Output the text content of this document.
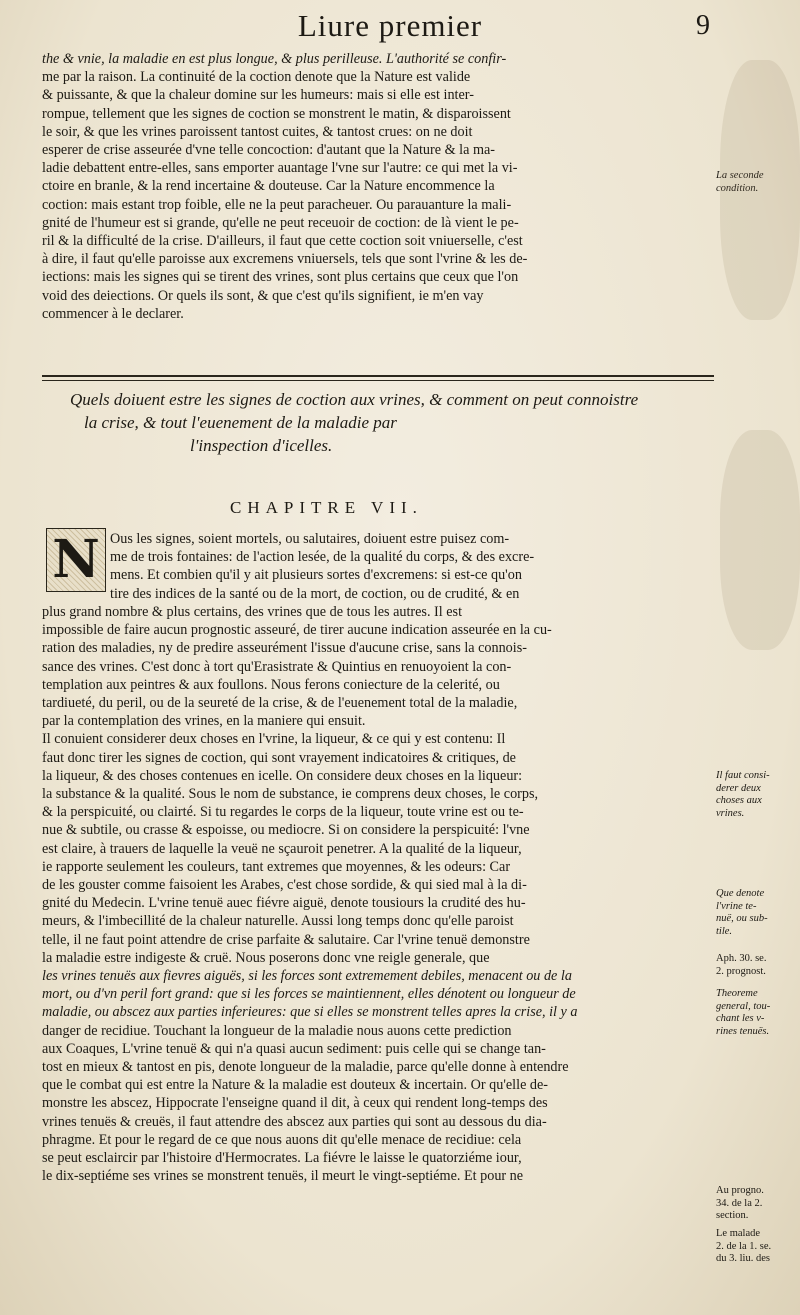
Liure premier	9

the & vnie, la maladie en est plus longue, & plus perilleuse. L'authorité se confir-

me par la raison. La continuité de la coction denote que la Nature est valide

& puissante, & que la chaleur domine sur les humeurs: mais si elle est inter-

rompue, tellement que les signes de coction se monstrent le matin, & disparoissent

le soir, & que les vrines paroissent tantost cuites, & tantost crues: on ne doit

esperer de crise asseurée d'vne telle concoction: d'autant que la Nature & la ma-

ladie debattent entre-elles, sans emporter auantage l'vne sur l'autre: ce qui met la vi-

ctoire en branle, & la rend incertaine & douteuse. Car la Nature encommence la

coction: mais estant trop foible, elle ne la peut paracheuer. Ou parauanture la mali-

gnité de l'humeur est si grande, qu'elle ne peut receuoir de coction: de là vient le pe-

ril & la difficulté de la crise. D'ailleurs, il faut que cette coction soit vniuerselle, c'est

à dire, il faut qu'elle paroisse aux excremens vniuersels, tels que sont l'vrine & les de-

iections: mais les signes qui se tirent des vrines, sont plus certains que ceux que l'on

void des deiections. Or quels ils sont, & que c'est qu'ils signifient, ie m'en vay

commencer à le declarer.

Quels doiuent estre les signes de coction aux vrines, & comment on peut connoistre
la crise, & tout l'euenement de la maladie par
l'inspection d'icelles.
CHAPITRE VII.
N Ous les signes, soient mortels, ou salutaires, doiuent estre puisez com-

me de trois fontaines: de l'action lesée, de la qualité du corps, & des excre-

mens. Et combien qu'il y ait plusieurs sortes d'excremens: si est-ce qu'on

tire des indices de la santé ou de la mort, de coction, ou de crudité, & en

plus grand nombre & plus certains, des vrines que de tous les autres. Il est

impossible de faire aucun prognostic asseuré, de tirer aucune indication asseurée en la cu-

ration des maladies, ny de predire asseurément l'issue d'aucune crise, sans la connois-

sance des vrines. C'est donc à tort qu'Erasistrate & Quintius en renuoyoient la con-

templation aux peintres & aux foullons. Nous ferons coniecture de la celerité, ou

tardiueté, du peril, ou de la seureté de la crise, & de l'euenement total de la maladie,

par la contemplation des vrines, en la maniere qui ensuit.

Il conuient considerer deux choses en l'vrine, la liqueur, & ce qui y est contenu: Il

faut donc tirer les signes de coction, qui sont vrayement indicatoires & critiques, de

la liqueur, & des choses contenues en icelle. On considere deux choses en la liqueur:

la substance & la qualité. Sous le nom de substance, ie comprens deux choses, le corps,

& la perspicuité, ou clairté. Si tu regardes le corps de la liqueur, toute vrine est ou te-

nue & subtile, ou crasse & espoisse, ou mediocre. Si on considere la perspicuité: l'vne

est claire, à trauers de laquelle la veuë ne sçauroit penetrer. A la qualité de la liqueur,

ie rapporte seulement les couleurs, tant extremes que moyennes, & les odeurs: Car

de les gouster comme faisoient les Arabes, c'est chose sordide, & qui sied mal à la di-

gnité du Medecin. L'vrine tenuë auec fiévre aiguë, denote tousiours la crudité des hu-

meurs, & l'imbecillité de la chaleur naturelle. Aussi long temps donc qu'elle paroist

telle, il ne faut point attendre de crise parfaite & salutaire. Car l'vrine tenuë demonstre

la maladie estre indigeste & cruë. Nous poserons donc vne reigle generale, que

les vrines tenuës aux fievres aiguës, si les forces sont extremement debiles, menacent ou de la

mort, ou d'vn peril fort grand: que si les forces se maintiennent, elles dénotent ou longueur de

maladie, ou abscez aux parties inferieures: que si elles se monstrent telles apres la crise, il y a

danger de recidiue. Touchant la longueur de la maladie nous auons cette prediction

aux Coaques, L'vrine tenuë & qui n'a quasi aucun sediment: puis celle qui se change tan-

tost en mieux & tantost en pis, denote longueur de la maladie, parce qu'elle donne à entendre

que le combat qui est entre la Nature & la maladie est douteux & incertain. Or qu'elle de-

monstre les abscez, Hippocrate l'enseigne quand il dit, à ceux qui rendent long-temps des

vrines tenuës & creuës, il faut attendre des abscez aux parties qui sont au dessous du dia-

phragme. Et pour le regard de ce que nous auons dit qu'elle menace de recidiue: cela

se peut esclaircir par l'histoire d'Hermocrates. La fiévre le laisse le quatorziéme iour,

le dix-septiéme ses vrines se monstrent tenuës, il meurt le vingt-septiéme. Et pour ne

La seconde
condition.
Il faut consi-
derer deux
choses aux
vrines.
Que denote
l'vrine te-
nuë, ou sub-
tile.
Aph. 30. se.
2. prognost.
Theoreme
general, tou-
chant les v-
rines tenuës.
Au progno.
34. de la 2.
section.
Le malade
2. de la 1. se.
du 3. liu. des
